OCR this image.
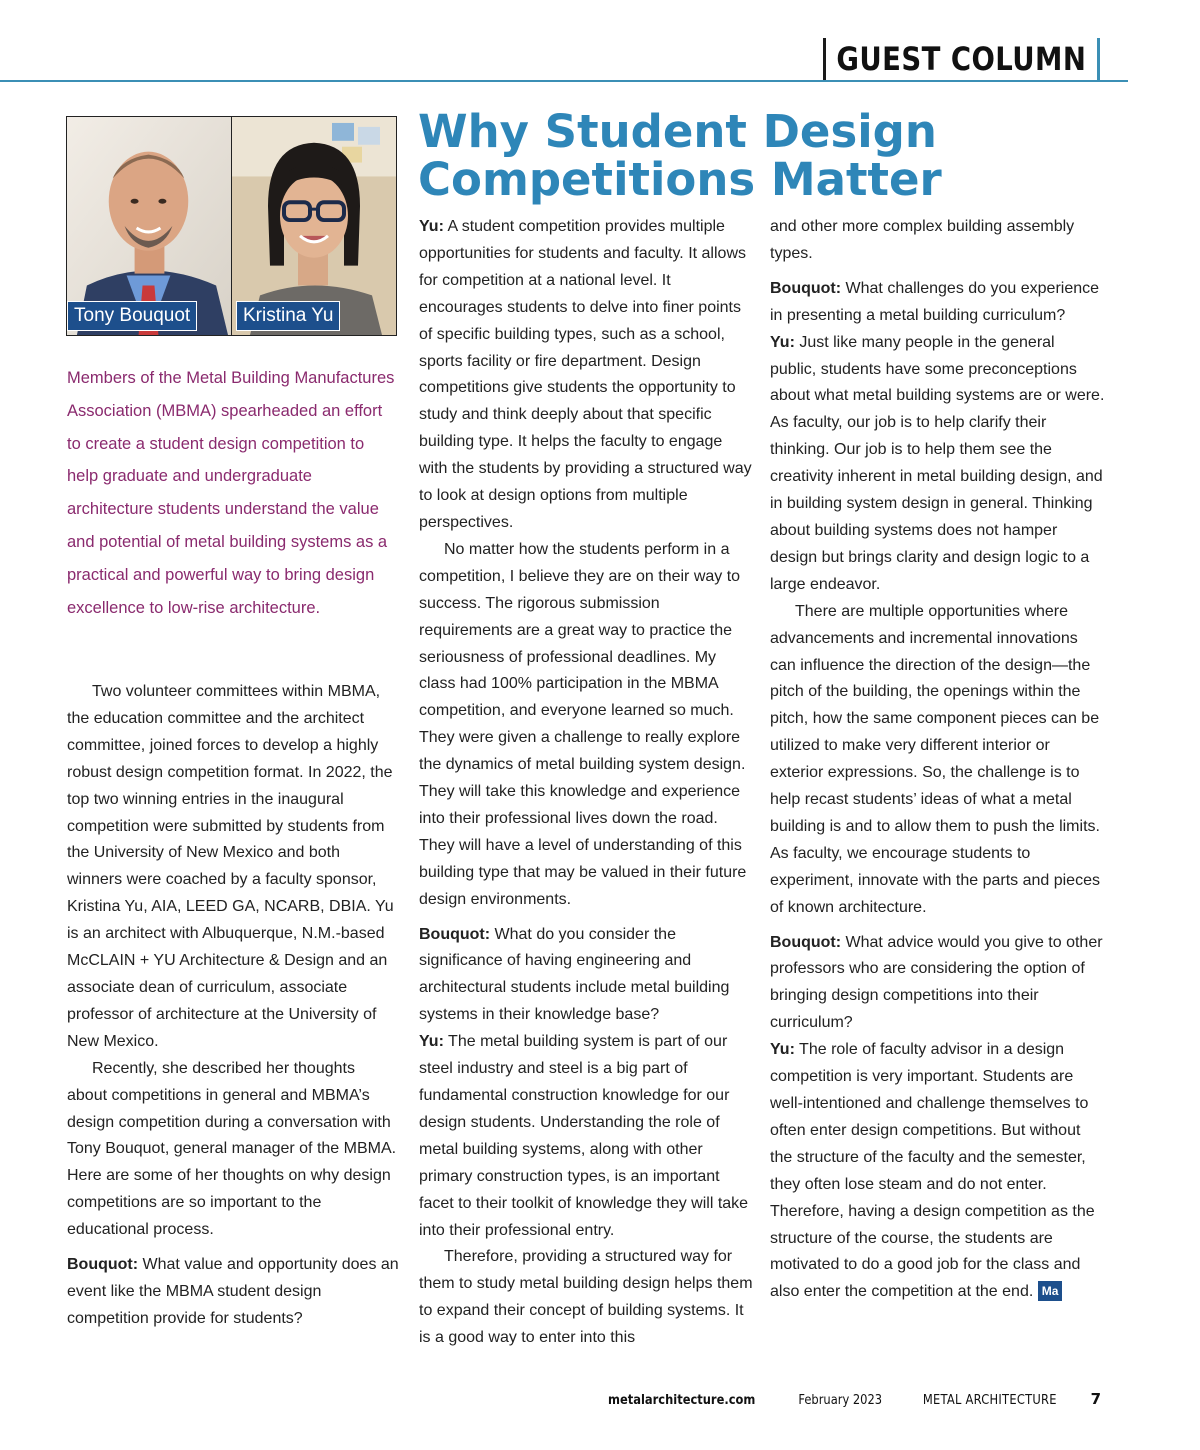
GUEST COLUMN
Tony Bouquot	Kristina Yu
Why Student Design
Competitions Matter

Members of the Metal Building Manufactures Association (MBMA) spearheaded an effort to create a student design competition to help graduate and undergraduate architecture students understand the value and potential of metal building systems as a practical and powerful way to bring design excellence to low-rise architecture.

Two volunteer committees within MBMA, the education committee and the architect committee, joined forces to develop a highly robust design competition format. In 2022, the top two winning entries in the inaugural competition were submitted by students from the University of New Mexico and both winners were coached by a faculty sponsor, Kristina Yu, AIA, LEED GA, NCARB, DBIA. Yu is an architect with Albuquerque, N.M.-based McCLAIN + YU Architecture & Design and an associate dean of curriculum, associate professor of architecture at the University of New Mexico.

Recently, she described her thoughts about competitions in general and MBMA’s design competition during a conversation with Tony Bouquot, general manager of the MBMA. Here are some of her thoughts on why design competitions are so important to the educational process.

Bouquot: What value and opportunity does an event like the MBMA student design competition provide for students?

Yu: A student competition provides multiple opportunities for students and faculty. It allows for competition at a national level. It encourages students to delve into finer points of specific building types, such as a school, sports facility or fire department. Design competitions give students the opportunity to study and think deeply about that specific building type. It helps the faculty to engage with the students by providing a structured way to look at design options from multiple perspectives.

No matter how the students perform in a competition, I believe they are on their way to success. The rigorous submission requirements are a great way to practice the seriousness of professional deadlines. My class had 100% participation in the MBMA competition, and everyone learned so much. They were given a challenge to really explore the dynamics of metal building system design. They will take this knowledge and experience into their professional lives down the road. They will have a level of understanding of this building type that may be valued in their future design environments.

Bouquot: What do you consider the significance of having engineering and architectural students include metal building systems in their knowledge base?

Yu: The metal building system is part of our steel industry and steel is a big part of fundamental construction knowledge for our design students. Understanding the role of metal building systems, along with other primary construction types, is an important facet to their toolkit of knowledge they will take into their professional entry.

Therefore, providing a structured way for them to study metal building design helps them to expand their concept of building systems. It is a good way to enter into this

and other more complex building assembly types.

Bouquot: What challenges do you experience in presenting a metal building curriculum?

Yu: Just like many people in the general public, students have some preconceptions about what metal building systems are or were. As faculty, our job is to help clarify their thinking. Our job is to help them see the creativity inherent in metal building design, and in building system design in general. Thinking about building systems does not hamper design but brings clarity and design logic to a large endeavor.

There are multiple opportunities where advancements and incremental innovations can influence the direction of the design—the pitch of the building, the openings within the pitch, how the same component pieces can be utilized to make very different interior or exterior expressions. So, the challenge is to help recast students’ ideas of what a metal building is and to allow them to push the limits. As faculty, we encourage students to experiment, innovate with the parts and pieces of known architecture.

Bouquot: What advice would you give to other professors who are considering the option of bringing design competitions into their curriculum?

Yu: The role of faculty advisor in a design competition is very important. Students are well-intentioned and challenge themselves to often enter design competitions. But without the structure of the faculty and the semester, they often lose steam and do not enter. Therefore, having a design competition as the structure of the course, the students are motivated to do a good job for the class and also enter the competition at the end. Ma

metalarchitecture.com	February 2023	METAL ARCHITECTURE 7
